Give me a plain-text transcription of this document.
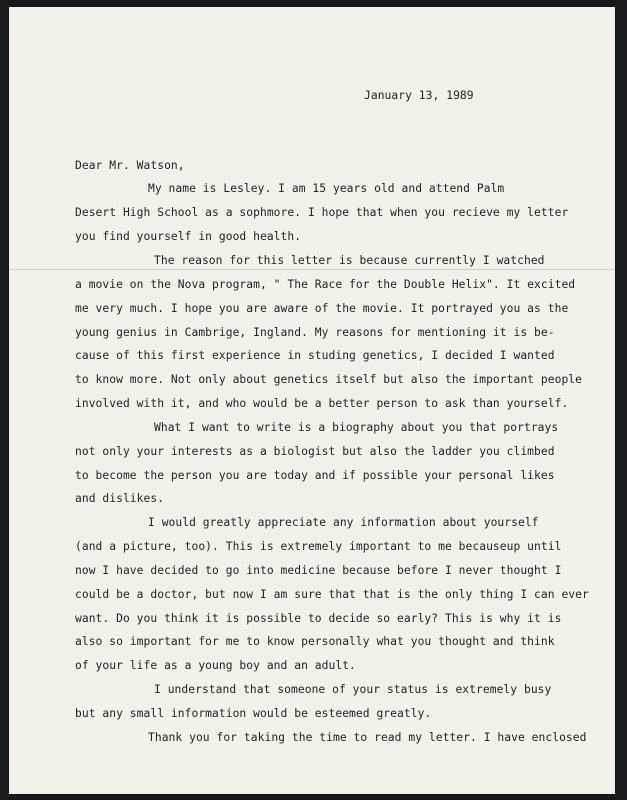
January 13, 1989
Dear Mr. Watson,
My name is Lesley. I am 15 years old and attend Palm
Desert High School as a sophmore. I hope that when you recieve my letter
you find yourself in good health.
The reason for this letter is because currently I watched
a movie on the Nova program, " The Race for the Double Helix". It excited
me very much. I hope you are aware of the movie. It portrayed you as the
young genius in Cambrige, Ingland. My reasons for mentioning it is be-
cause of this first experience in studing genetics, I decided I wanted
to know more. Not only about genetics itself but also the important people
involved with it, and who would be a better person to ask than yourself.
What I want to write is a biography about you that portrays
not only your interests as a biologist but also the ladder you climbed
to become the person you are today and if possible your personal likes
and dislikes.
I would greatly appreciate any information about yourself
(and a picture, too). This is extremely important to me becauseup until
now I have decided to go into medicine because before I never thought I
could be a doctor, but now I am sure that that is the only thing I can ever
want. Do you think it is possible to decide so early? This is why it is
also so important for me to know personally what you thought and think
of your life as a young boy and an adult.
I understand that someone of your status is extremely busy
but any small information would be esteemed greatly.
Thank you for taking the time to read my letter. I have enclosed
